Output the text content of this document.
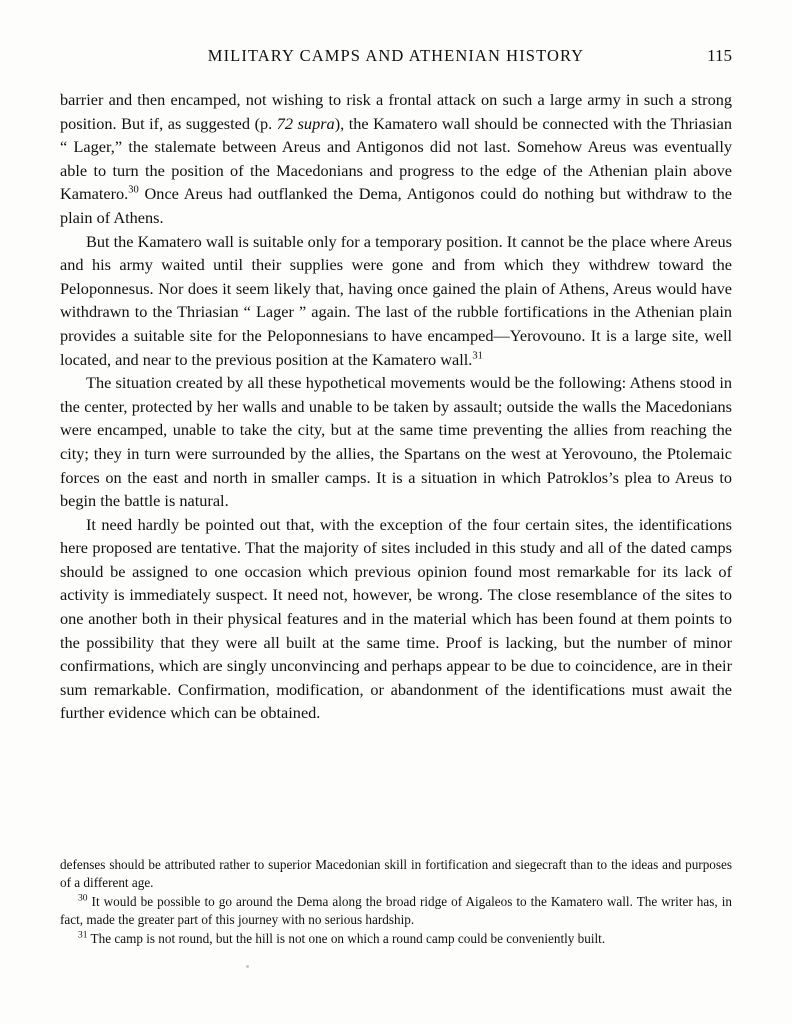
MILITARY CAMPS AND ATHENIAN HISTORY	115

barrier and then encamped, not wishing to risk a frontal attack on such a large army in such a strong position. But if, as suggested (p. 72 supra), the Kamatero wall should be connected with the Thriasian “ Lager,” the stalemate between Areus and Antigonos did not last. Somehow Areus was eventually able to turn the position of the Macedonians and progress to the edge of the Athenian plain above Kamatero.$^{30}$ Once Areus had outflanked the Dema, Antigonos could do nothing but withdraw to the plain of Athens.

But the Kamatero wall is suitable only for a temporary position. It cannot be the place where Areus and his army waited until their supplies were gone and from which they withdrew toward the Peloponnesus. Nor does it seem likely that, having once gained the plain of Athens, Areus would have withdrawn to the Thriasian “ Lager ” again. The last of the rubble fortifications in the Athenian plain provides a suitable site for the Peloponnesians to have encamped—Yerovouno. It is a large site, well located, and near to the previous position at the Kamatero wall.$^{31}$

The situation created by all these hypothetical movements would be the following: Athens stood in the center, protected by her walls and unable to be taken by assault; outside the walls the Macedonians were encamped, unable to take the city, but at the same time preventing the allies from reaching the city; they in turn were surrounded by the allies, the Spartans on the west at Yerovouno, the Ptolemaic forces on the east and north in smaller camps. It is a situation in which Patroklos’s plea to Areus to begin the battle is natural.

It need hardly be pointed out that, with the exception of the four certain sites, the identifications here proposed are tentative. That the majority of sites included in this study and all of the dated camps should be assigned to one occasion which previous opinion found most remarkable for its lack of activity is immediately suspect. It need not, however, be wrong. The close resemblance of the sites to one another both in their physical features and in the material which has been found at them points to the possibility that they were all built at the same time. Proof is lacking, but the number of minor confirmations, which are singly unconvincing and perhaps appear to be due to coincidence, are in their sum remarkable. Confirmation, modification, or abandonment of the identifications must await the further evidence which can be obtained.

defenses should be attributed rather to superior Macedonian skill in fortification and siegecraft than to the ideas and purposes of a different age.

$^{30}$ It would be possible to go around the Dema along the broad ridge of Aigaleos to the Kamatero wall. The writer has, in fact, made the greater part of this journey with no serious hardship.

$^{31}$ The camp is not round, but the hill is not one on which a round camp could be conveniently built.
